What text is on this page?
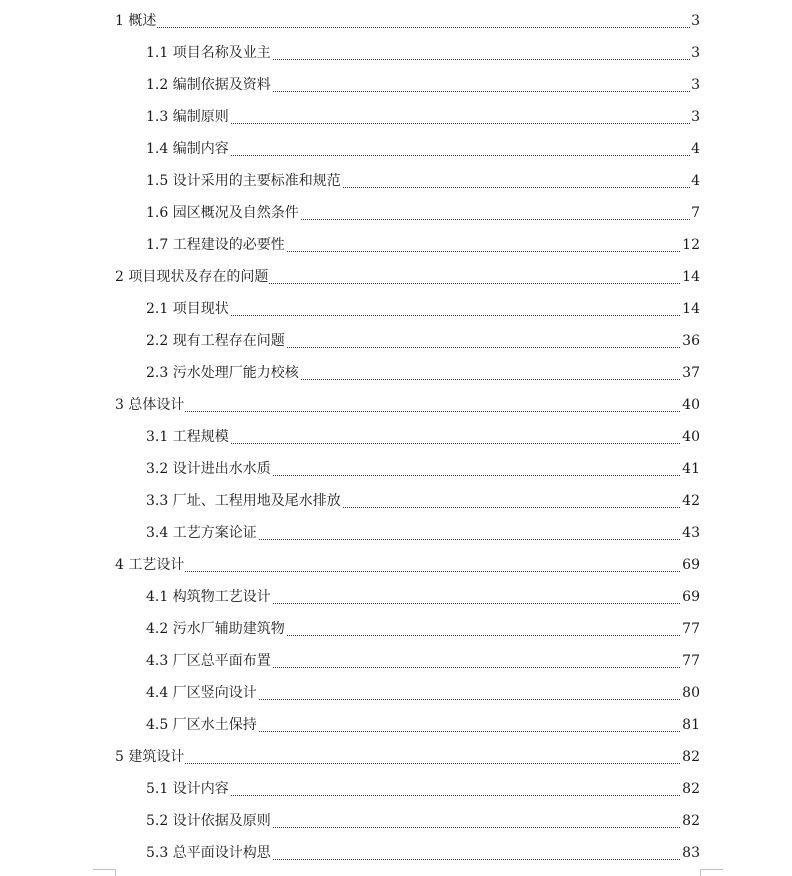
1 概述	3
1.1 项目名称及业主	3
1.2 编制依据及资料	3
1.3 编制原则	3
1.4 编制内容	4
1.5 设计采用的主要标准和规范	4
1.6 园区概况及自然条件	7
1.7 工程建设的必要性	12
2 项目现状及存在的问题	14
2.1 项目现状	14
2.2 现有工程存在问题	36
2.3 污水处理厂能力校核	37
3 总体设计	40
3.1 工程规模	40
3.2 设计进出水水质	41
3.3 厂址、工程用地及尾水排放	42
3.4 工艺方案论证	43
4 工艺设计	69
4.1 构筑物工艺设计	69
4.2 污水厂辅助建筑物	77
4.3 厂区总平面布置	77
4.4 厂区竖向设计	80
4.5 厂区水土保持	81
5 建筑设计	82
5.1 设计内容	82
5.2 设计依据及原则	82
5.3 总平面设计构思	83
